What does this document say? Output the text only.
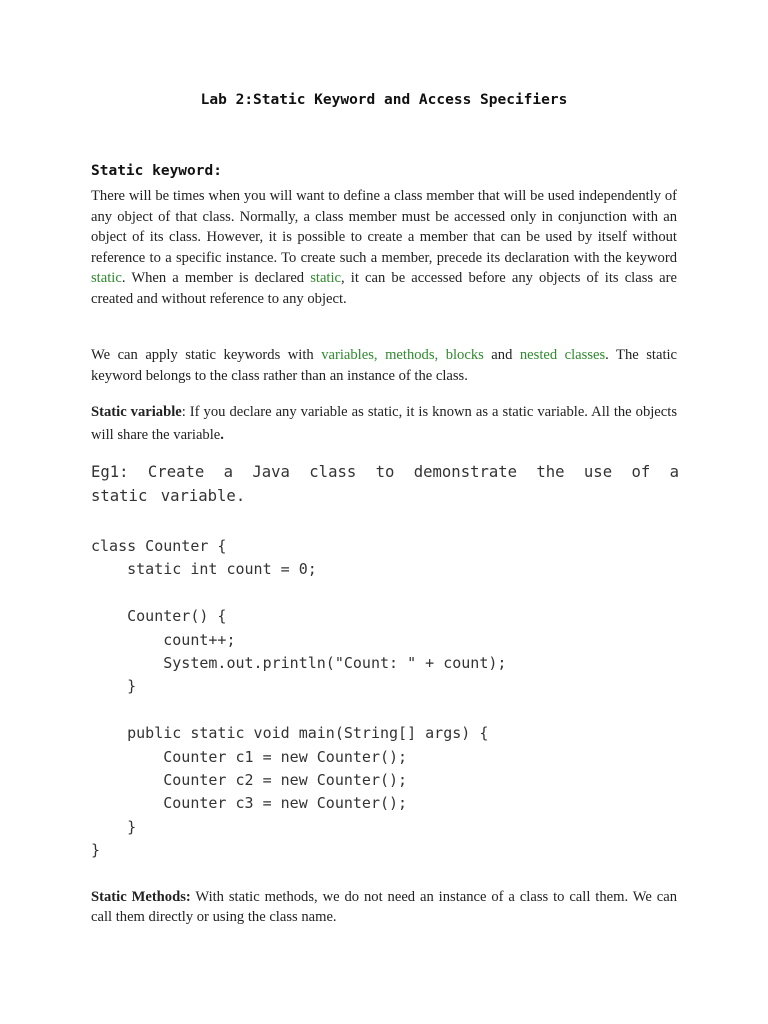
Lab 2:Static Keyword and Access Specifiers
Static keyword:
There will be times when you will want to define a class member that will be used independently of any object of that class. Normally, a class member must be accessed only in conjunction with an object of its class. However, it is possible to create a member that can be used by itself without reference to a specific instance. To create such a member, precede its declaration with the keyword static. When a member is declared static, it can be accessed before any objects of its class are created and without reference to any object.
We can apply static keywords with variables, methods, blocks and nested classes. The static keyword belongs to the class rather than an instance of the class.
Static variable: If you declare any variable as static, it is known as a static variable. All the objects will share the variable.
Eg1: Create a Java class to demonstrate the use of a static variable.
class Counter {
static int count = 0;
Counter() {
count++;
System.out.println("Count: " + count);
}
public static void main(String[] args) {
Counter c1 = new Counter();
Counter c2 = new Counter();
Counter c3 = new Counter();
}
}
Static Methods: With static methods, we do not need an instance of a class to call them. We can call them directly or using the class name.
